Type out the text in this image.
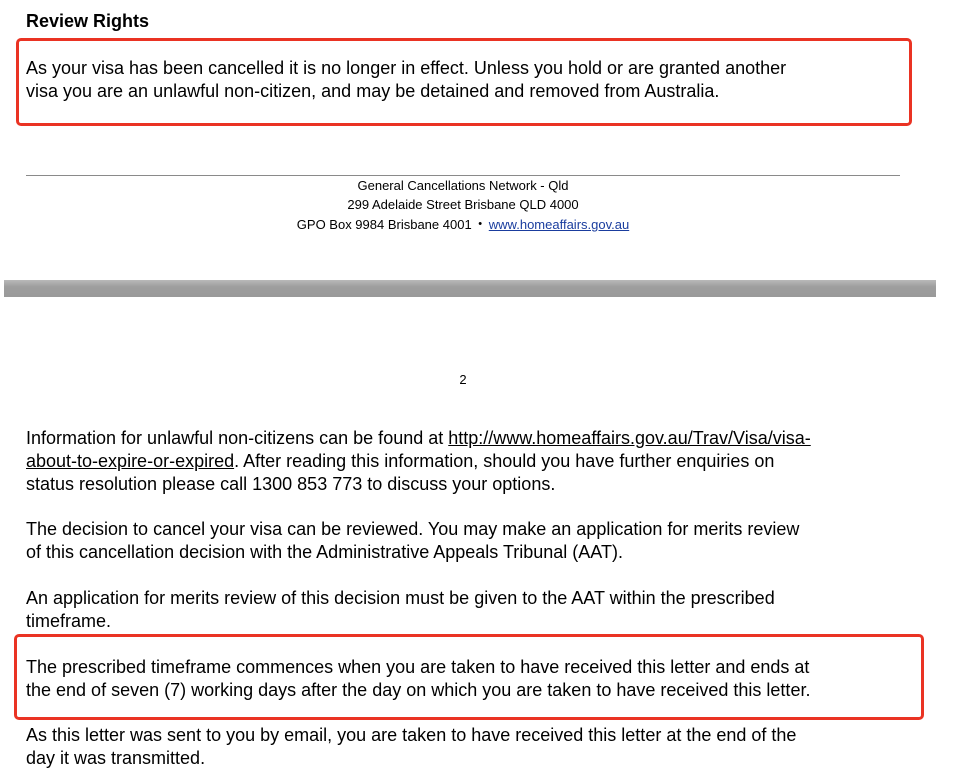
Review Rights
As your visa has been cancelled it is no longer in effect. Unless you hold or are granted another
visa you are an unlawful non-citizen, and may be detained and removed from Australia.
General Cancellations Network - Qld
299 Adelaide Street Brisbane QLD 4000
GPO Box 9984 Brisbane 4001 • www.homeaffairs.gov.au
2
Information for unlawful non-citizens can be found at http://www.homeaffairs.gov.au/Trav/Visa/visa-
about-to-expire-or-expired. After reading this information, should you have further enquiries on
status resolution please call 1300 853 773 to discuss your options.
The decision to cancel your visa can be reviewed. You may make an application for merits review
of this cancellation decision with the Administrative Appeals Tribunal (AAT).
An application for merits review of this decision must be given to the AAT within the prescribed
timeframe.
The prescribed timeframe commences when you are taken to have received this letter and ends at
the end of seven (7) working days after the day on which you are taken to have received this letter.
As this letter was sent to you by email, you are taken to have received this letter at the end of the
day it was transmitted.
